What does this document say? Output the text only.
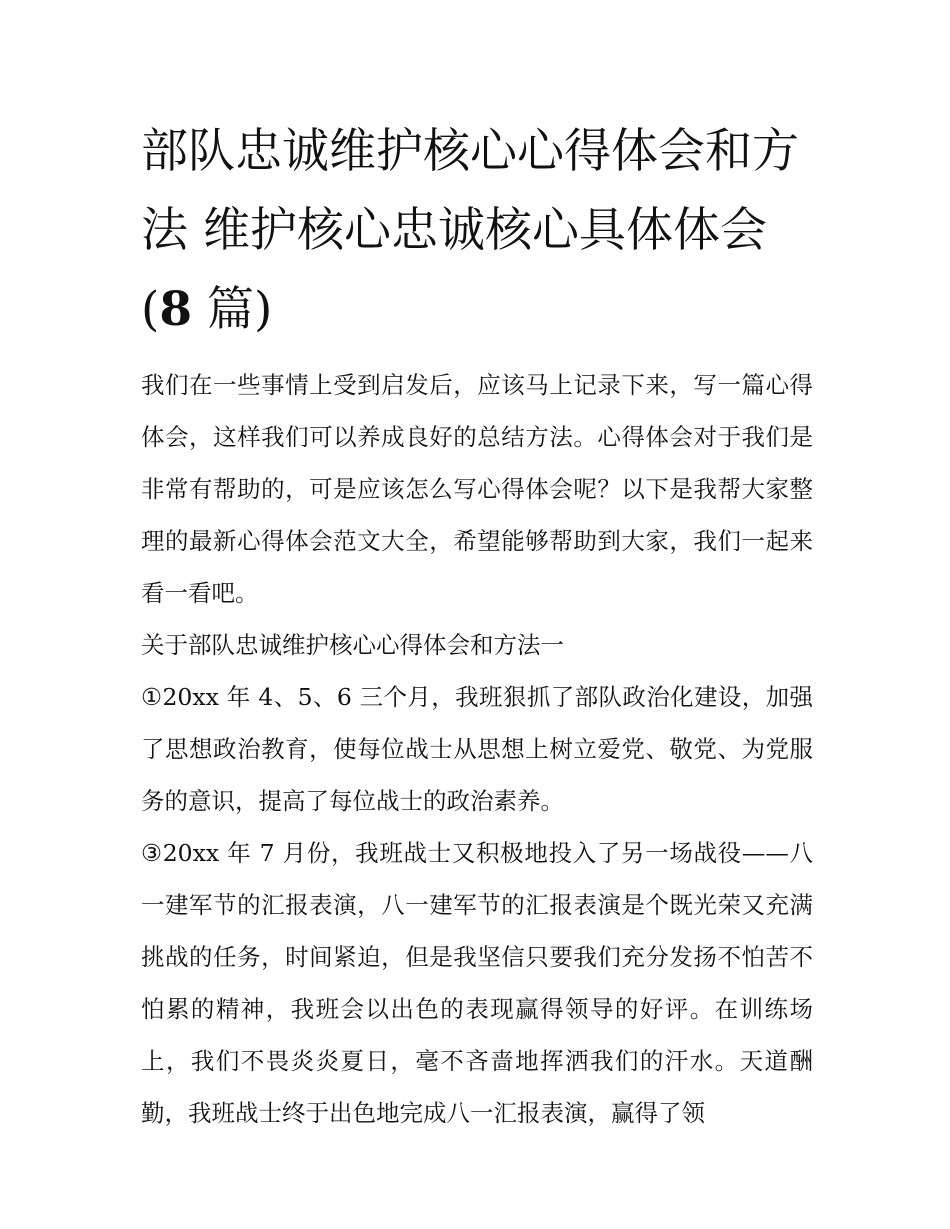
部队忠诚维护核心心得体会和方法 维护核心忠诚核心具体体会(8 篇)

我们在一些事情上受到启发后，应该马上记录下来，写一篇心得体会，这样我们可以养成良好的总结方法。心得体会对于我们是非常有帮助的，可是应该怎么写心得体会呢？以下是我帮大家整理的最新心得体会范文大全，希望能够帮助到大家，我们一起来看一看吧。

关于部队忠诚维护核心心得体会和方法一

①20xx 年 4、5、6 三个月，我班狠抓了部队政治化建设，加强了思想政治教育，使每位战士从思想上树立爱党、敬党、为党服务的意识，提高了每位战士的政治素养。

③20xx 年 7 月份，我班战士又积极地投入了另一场战役——八一建军节的汇报表演，八一建军节的汇报表演是个既光荣又充满挑战的任务，时间紧迫，但是我坚信只要我们充分发扬不怕苦不怕累的精神，我班会以出色的表现赢得领导的好评。在训练场上，我们不畏炎炎夏日，毫不吝啬地挥洒我们的汗水。天道酬勤，我班战士终于出色地完成八一汇报表演，赢得了领
